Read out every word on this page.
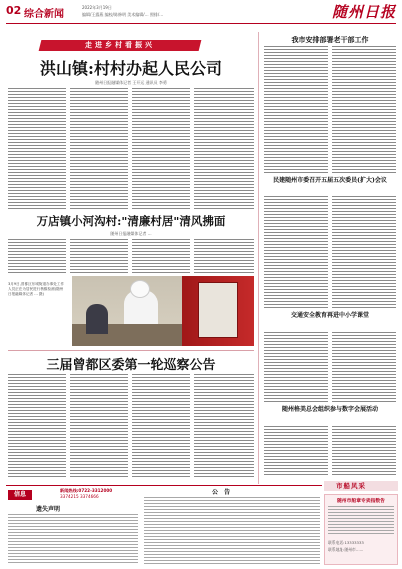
02 综合新闻
2022年3月19日
编辑/王露燕 编校/陈修明 美术编辑/… 照排/…	随州日报
走进乡村看振兴
洪山镇:村村办起人民公司
随州日报融媒体记者 王开运 通讯员 李勇
万店镇小河沟村:"清廉村居"清风拂面
随州日报融媒体记者 …
3月9日,曾都区东城街道办事处工作人员正在为居民进行核酸检测(随州日报融媒体记者 … 摄)
三届曾都区委第一轮巡察公告
我市安排部署老干部工作
民建随州市委召开五届五次委员(扩大)会议
交通安全教育再进中小学课堂
随州格美总会组织参与数字会展活动
市船风采
信息
新闻热线:0722-3312000
3374215 3374666
遗失声明
公 告
随州市船章专卖指数告
联系电话:13333333
联系地址:随州市……
